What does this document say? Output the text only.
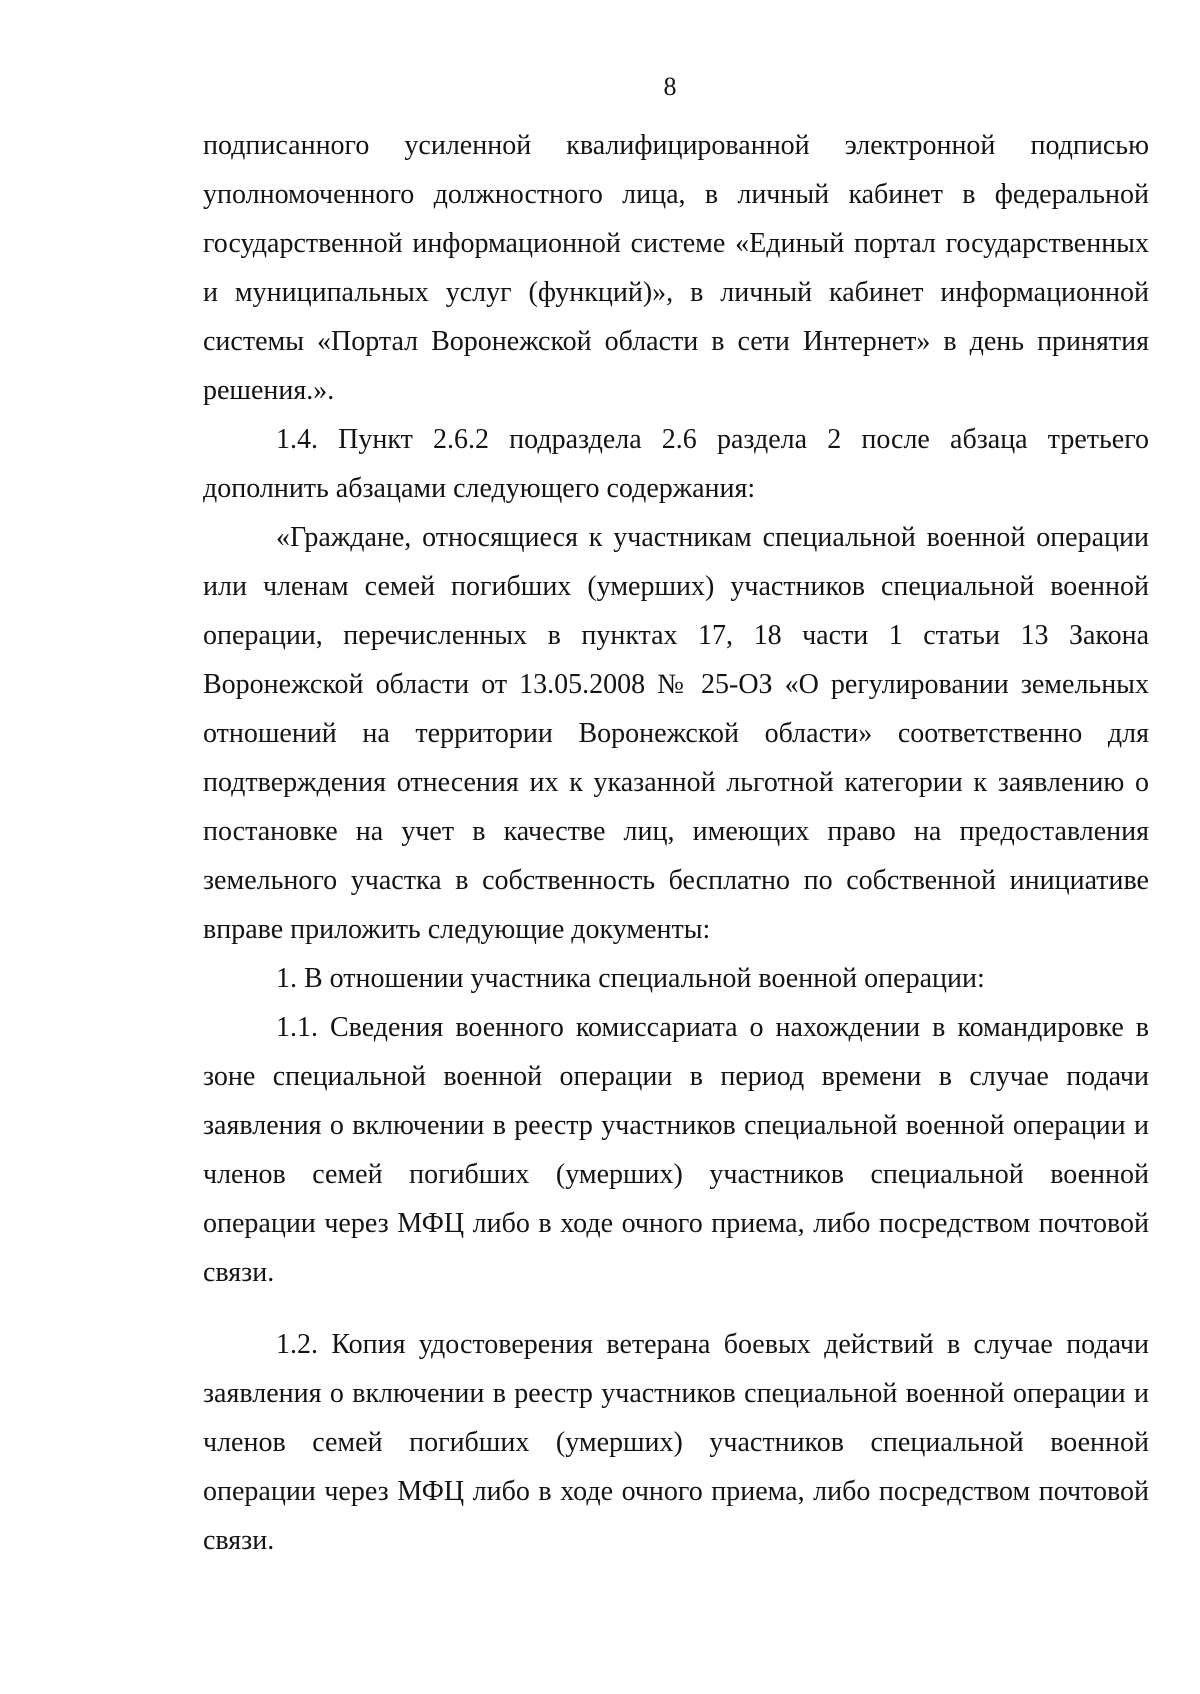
8

подписанного усиленной квалифицированной электронной подписью уполномоченного должностного лица, в личный кабинет в федеральной государственной информационной системе «Единый портал государственных и муниципальных услуг (функций)», в личный кабинет информационной системы «Портал Воронежской области в сети Интернет» в день принятия решения.».

1.4. Пункт 2.6.2 подраздела 2.6 раздела 2 после абзаца третьего дополнить абзацами следующего содержания:

«Граждане, относящиеся к участникам специальной военной операции или членам семей погибших (умерших) участников специальной военной операции, перечисленных в пунктах 17, 18 части 1 статьи 13 Закона Воронежской области от 13.05.2008 № 25-ОЗ «О регулировании земельных отношений на территории Воронежской области» соответственно для подтверждения отнесения их к указанной льготной категории к заявлению о постановке на учет в качестве лиц, имеющих право на предоставления земельного участка в собственность бесплатно по собственной инициативе вправе приложить следующие документы:

1. В отношении участника специальной военной операции:

1.1. Сведения военного комиссариата о нахождении в командировке в зоне специальной военной операции в период времени в случае подачи заявления о включении в реестр участников специальной военной операции и членов семей погибших (умерших) участников специальной военной операции через МФЦ либо в ходе очного приема, либо посредством почтовой связи.

1.2. Копия удостоверения ветерана боевых действий в случае подачи заявления о включении в реестр участников специальной военной операции и членов семей погибших (умерших) участников специальной военной операции через МФЦ либо в ходе очного приема, либо посредством почтовой связи.
